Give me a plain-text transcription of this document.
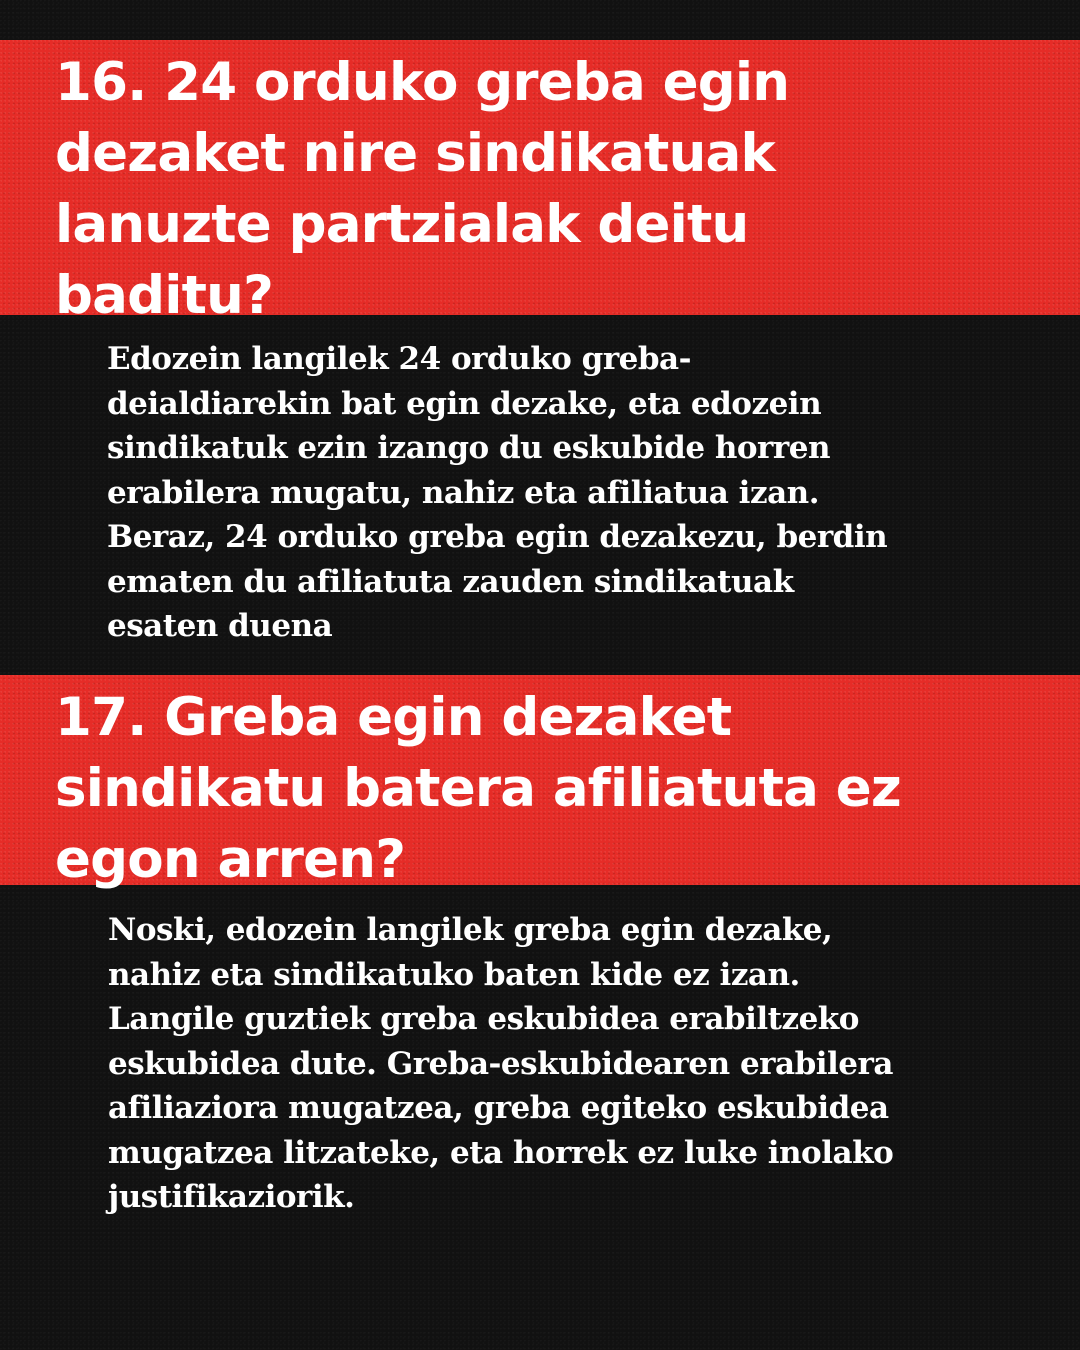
16. 24 orduko greba egin
dezaket nire sindikatuak
lanuzte partzialak deitu
baditu?

Edozein langilek 24 orduko greba-
deialdiarekin bat egin dezake, eta edozein
sindikatuk ezin izango du eskubide horren
erabilera mugatu, nahiz eta afiliatua izan.
Beraz, 24 orduko greba egin dezakezu, berdin
ematen du afiliatuta zauden sindikatuak
esaten duena

17. Greba egin dezaket
sindikatu batera afiliatuta ez
egon arren?

Noski, edozein langilek greba egin dezake,
nahiz eta sindikatuko baten kide ez izan.
Langile guztiek greba eskubidea erabiltzeko
eskubidea dute. Greba-eskubidearen erabilera
afiliaziora mugatzea, greba egiteko eskubidea
mugatzea litzateke, eta horrek ez luke inolako
justifikaziorik.
